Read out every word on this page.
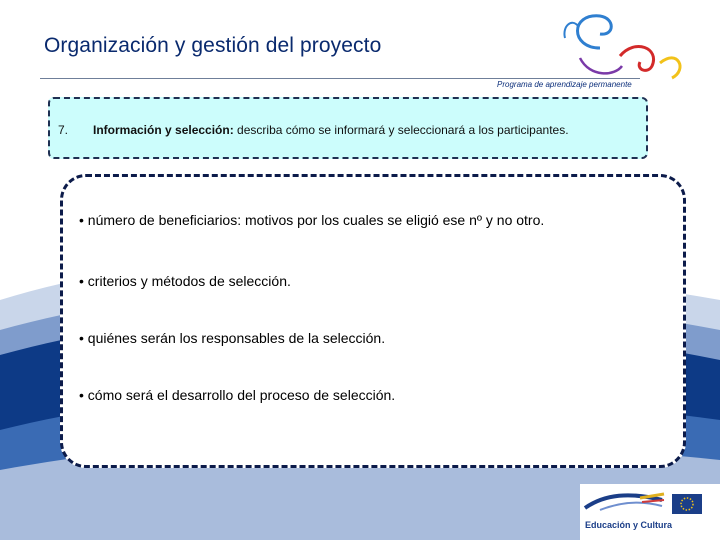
Organización y gestión del proyecto
Programa de aprendizaje permanente
7. Información y selección: describa cómo se informará y seleccionará a los participantes.
• número de beneficiarios: motivos por los cuales se eligió ese nº y no otro.
• criterios y métodos de selección.
• quiénes serán los responsables de la selección.
• cómo será el desarrollo del proceso de selección.
Educación y Cultura
